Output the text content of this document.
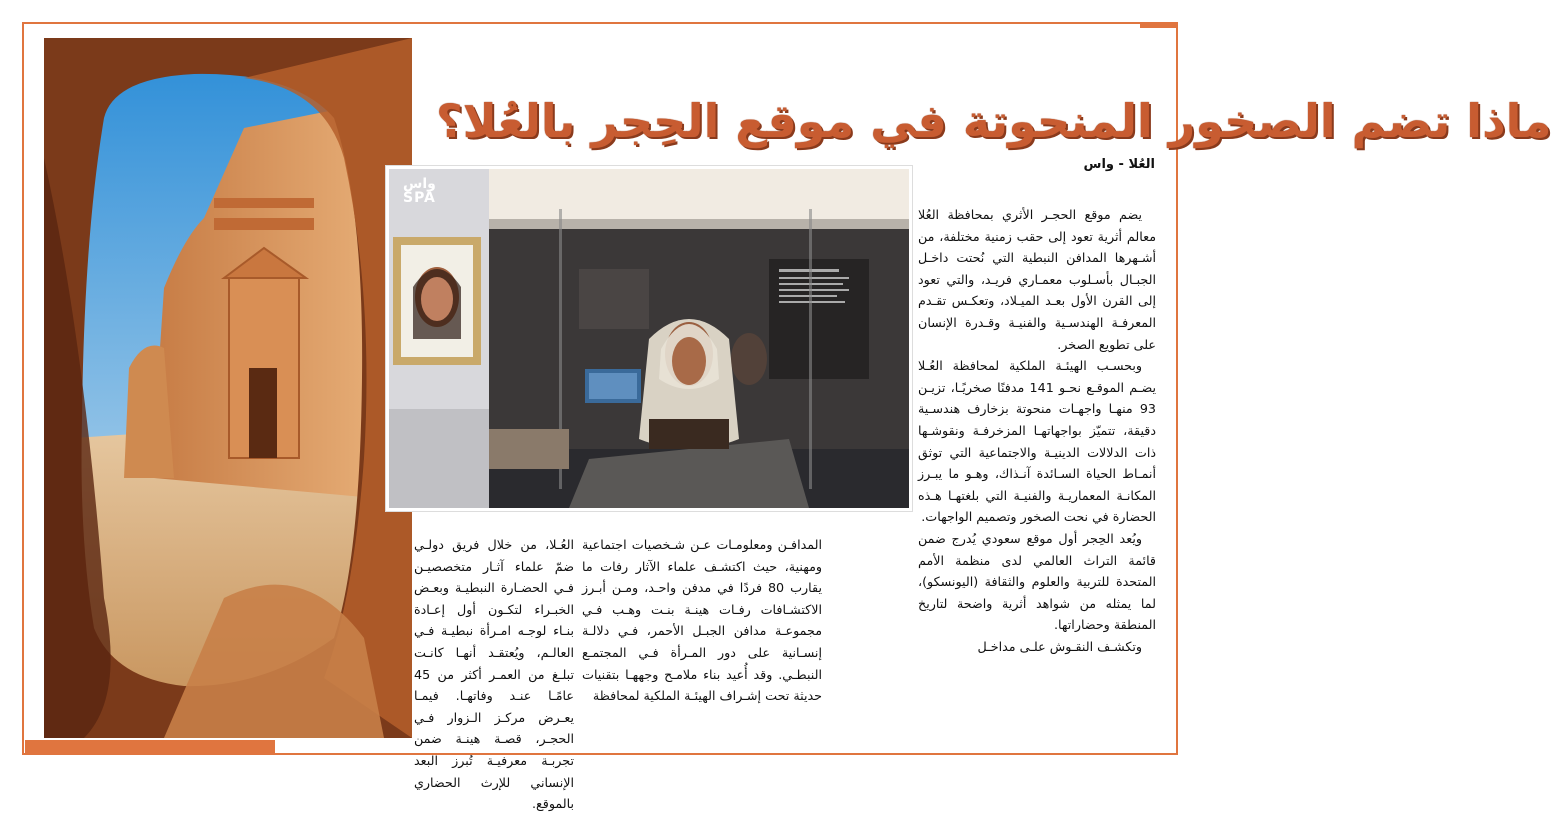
ماذا تضم الصخور المنحوتة في موقع الحِجر بالعُلا؟
واس
SPA
العُلا - واس

يضم موقع الحجـر الأثري بمحافظة العُلا معالم أثرية تعود إلى حقب زمنية مختلفة، من أشـهرها المدافن النبطية التي نُحتت داخـل الجبـال بأسـلوب معمـاري فريـد، والتي تعود إلى القرن الأول بعـد الميـلاد، وتعكـس تقـدم المعرفـة الهندسـية والفنيـة وقـدرة الإنسان على تطويع الصخر.

وبحسـب الهيئـة الملكية لمحافظة العُـلا يضـم الموقـع نحـو 141 مدفنًا صخريًـا، تزيـن 93 منهـا واجهـات منحوتة بزخارف هندسـية دقيقة، تتميّز بواجهاتهـا المزخرفـة ونقوشـها ذات الدلالات الدينيـة والاجتماعية التي توثق أنمـاط الحياة السـائدة آنـذاك، وهـو ما يبـرز المكانـة المعماريـة والفنيـة التي بلغتهـا هـذه الحضارة في نحت الصخور وتصميم الواجهات.

ويُعد الحِجر أول موقع سعودي يُدرج ضمن قائمة التراث العالمي لدى منظمة الأمم المتحدة للتربية والعلوم والثقافة (اليونسكو)، لما يمثله من شواهد أثرية واضحة لتاريخ المنطقة وحضاراتها.

وتكشـف النقـوش علـى مداخـل

المدافـن ومعلومـات عـن شـخصيات اجتماعية ومهنية، حيث اكتشـف علماء الآثار رفات ما يقارب 80 فردًا في مدفن واحـد، ومـن أبـرز الاكتشـافات رفـات هينـة بنـت وهـب فـي مجموعـة مدافن الجبـل الأحمر، فـي دلالـة إنسـانية على دور المـرأة فـي المجتمـع النبطـي. وقد أُعيد بناء ملامـح وجههـا بتقنيات حديثة تحت إشـراف الهيئـة الملكية لمحافظة

العُـلا، من خلال فريق دولـي ضمّ علماء آثـار متخصصيـن فـي الحضـارة النبطيـة وبعـض الخبـراء لتكـون أول إعـادة بنـاء لوجـه امـرأة نبطيـة فـي العالـم، ويُعتقـد أنهـا كانـت تبلـغ من العمـر أكثر من 45 عامًـا عنـد وفاتهـا. فيمـا يعـرض مركـز الـزوار فـي الحجـر، قصـة هينـة ضمن تجربـة معرفيـة تُبرز البعد الإنساني للإرث الحضاري بالموقع.
